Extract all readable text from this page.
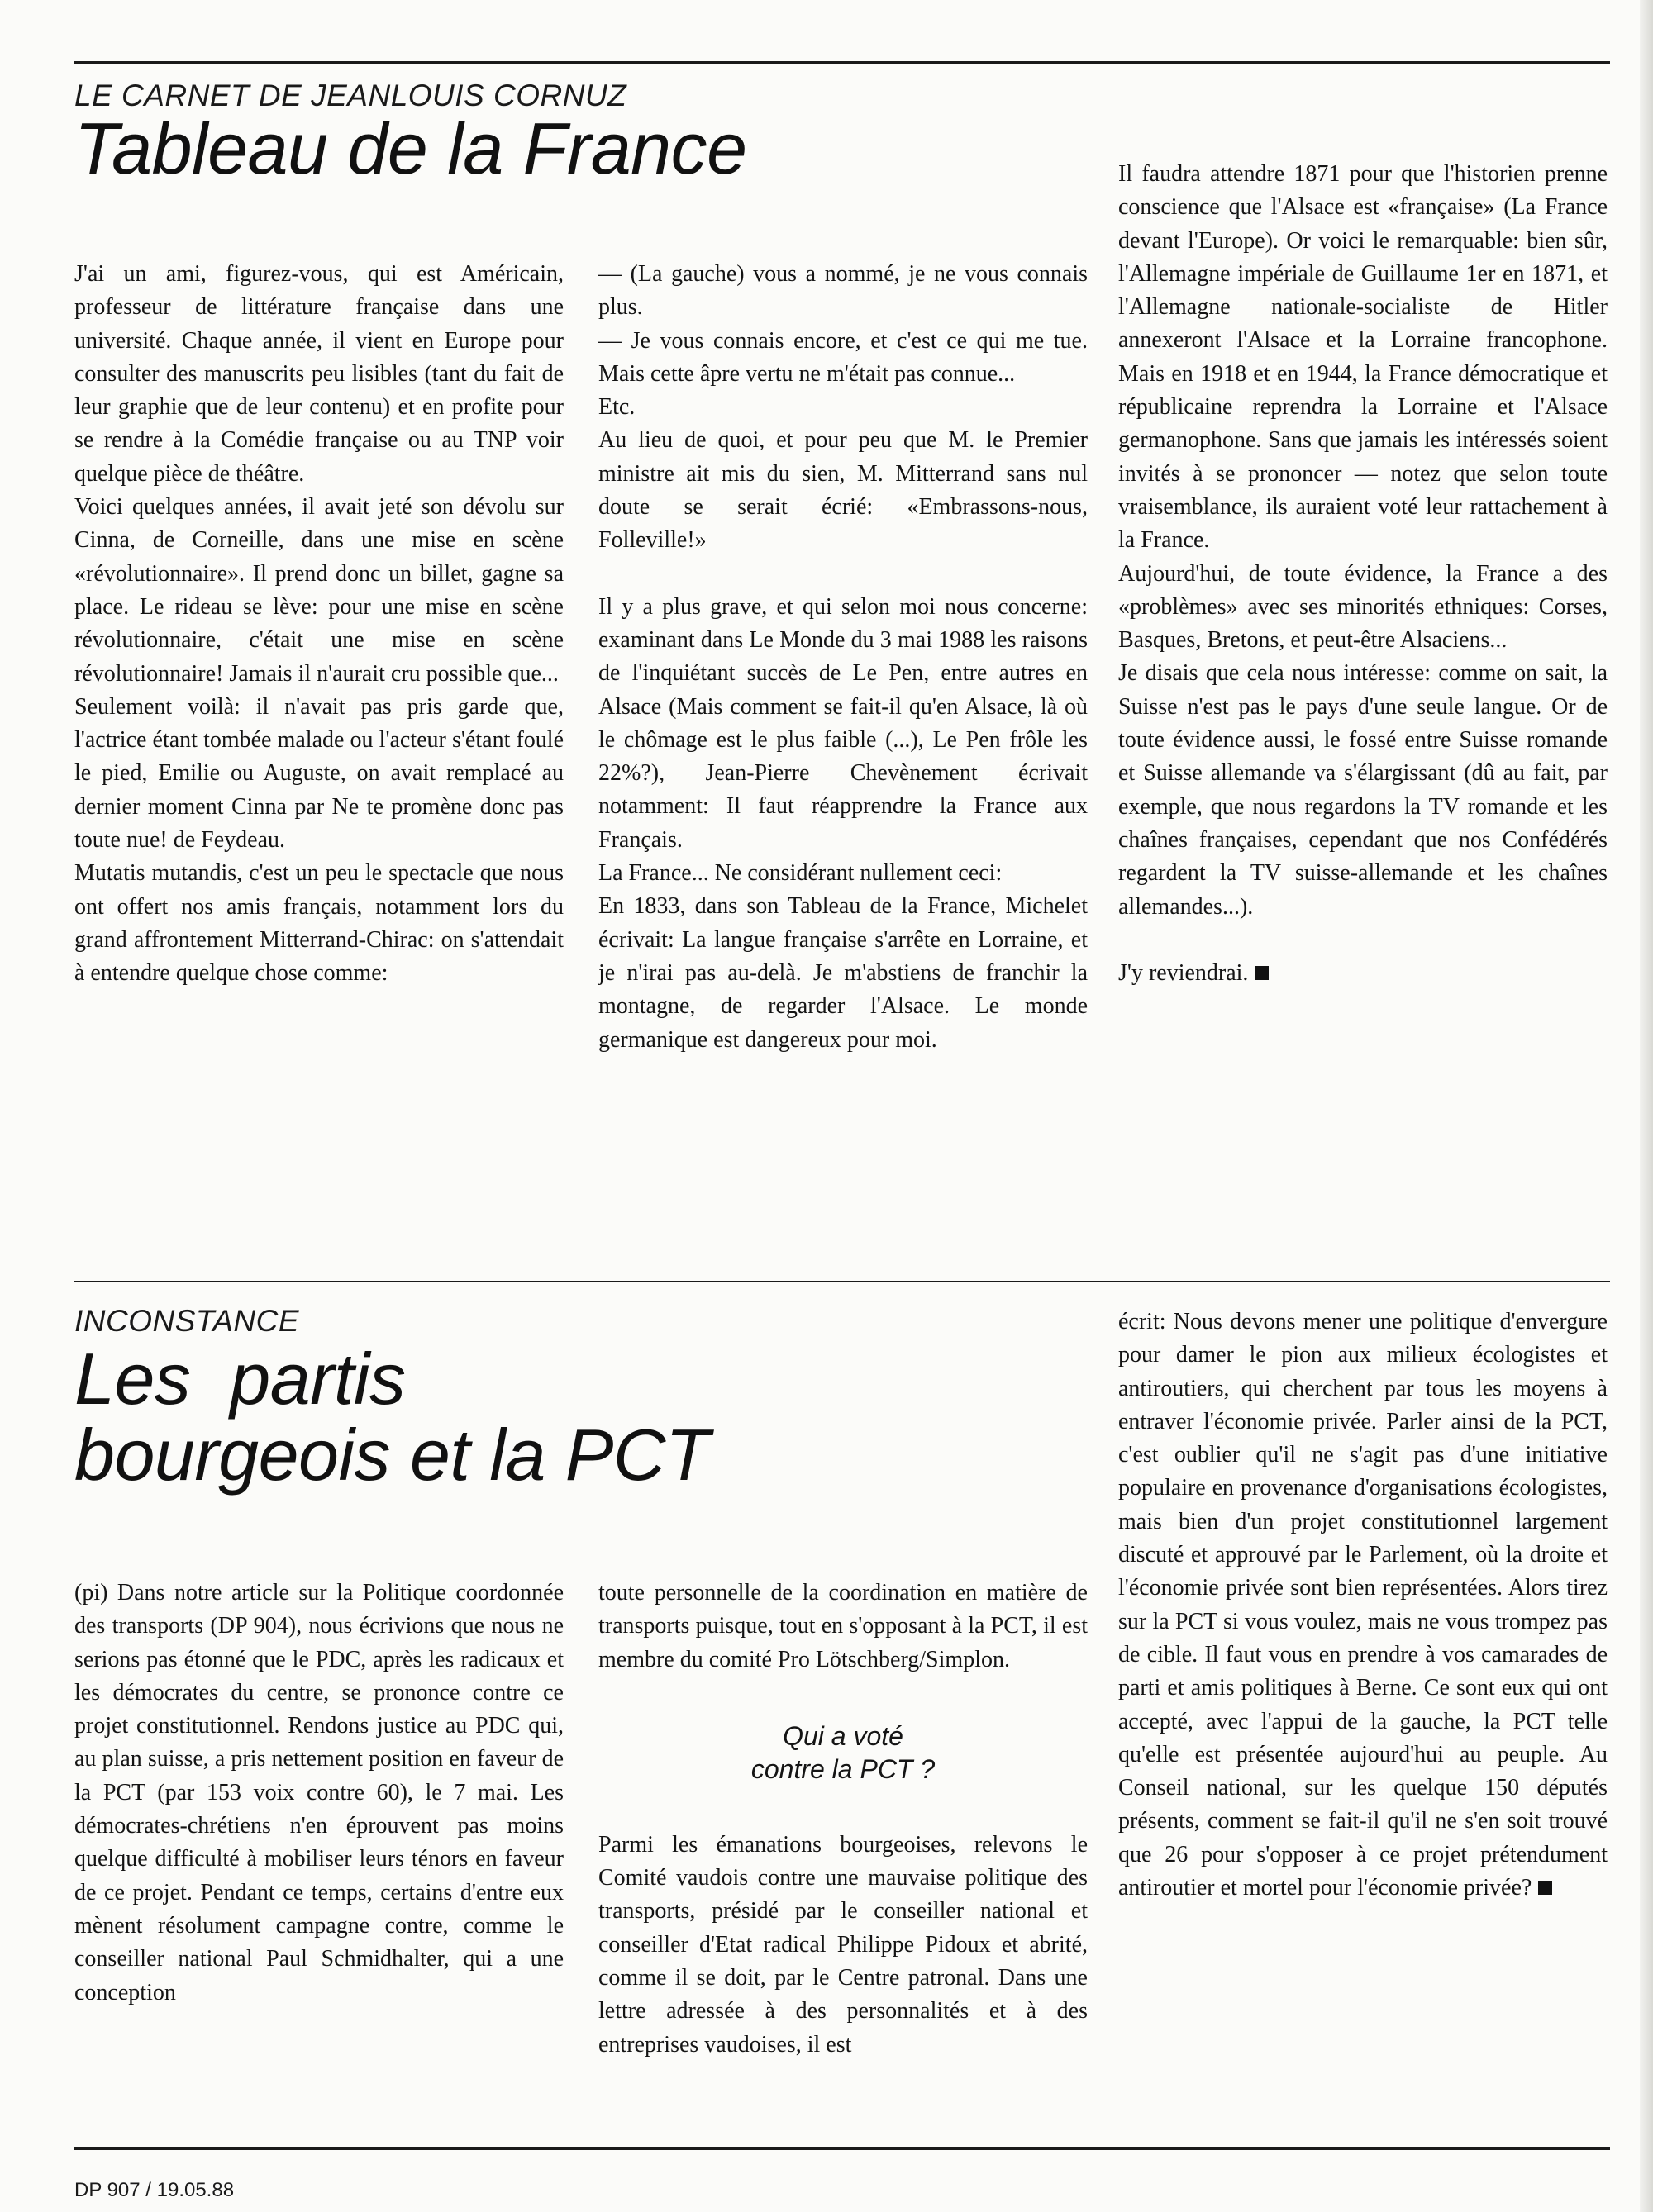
LE CARNET DE JEANLOUIS CORNUZ
Tableau de la France

J'ai un ami, figurez-vous, qui est Américain, professeur de littérature française dans une université. Chaque année, il vient en Europe pour consulter des manuscrits peu lisibles (tant du fait de leur graphie que de leur contenu) et en profite pour se rendre à la Comédie française ou au TNP voir quelque pièce de théâtre.

Voici quelques années, il avait jeté son dévolu sur Cinna, de Corneille, dans une mise en scène «révolutionnaire». Il prend donc un billet, gagne sa place. Le rideau se lève: pour une mise en scène révolutionnaire, c'était une mise en scène révolutionnaire! Jamais il n'aurait cru possible que...

Seulement voilà: il n'avait pas pris garde que, l'actrice étant tombée malade ou l'acteur s'étant foulé le pied, Emilie ou Auguste, on avait remplacé au dernier moment Cinna par Ne te promène donc pas toute nue! de Feydeau.

Mutatis mutandis, c'est un peu le spectacle que nous ont offert nos amis français, notamment lors du grand affrontement Mitterrand-Chirac: on s'attendait à entendre quelque chose comme:

— (La gauche) vous a nommé, je ne vous connais plus.

— Je vous connais encore, et c'est ce qui me tue. Mais cette âpre vertu ne m'était pas connue...

Etc.

Au lieu de quoi, et pour peu que M. le Premier ministre ait mis du sien, M. Mitterrand sans nul doute se serait écrié: «Embrassons-nous, Folleville!»

Il y a plus grave, et qui selon moi nous concerne: examinant dans Le Monde du 3 mai 1988 les raisons de l'inquiétant succès de Le Pen, entre autres en Alsace (Mais comment se fait-il qu'en Alsace, là où le chômage est le plus faible (...), Le Pen frôle les 22%?), Jean-Pierre Chevènement écrivait notamment: Il faut réapprendre la France aux Français.

La France... Ne considérant nullement ceci:

En 1833, dans son Tableau de la France, Michelet écrivait: La langue française s'arrête en Lorraine, et je n'irai pas au-delà. Je m'abstiens de franchir la montagne, de regarder l'Alsace. Le monde germanique est dangereux pour moi.

Il faudra attendre 1871 pour que l'historien prenne conscience que l'Alsace est «française» (La France devant l'Europe). Or voici le remarquable: bien sûr, l'Allemagne impériale de Guillaume 1er en 1871, et l'Allemagne nationale-socialiste de Hitler annexeront l'Alsace et la Lorraine francophone. Mais en 1918 et en 1944, la France démocratique et républicaine reprendra la Lorraine et l'Alsace germanophone. Sans que jamais les intéressés soient invités à se prononcer — notez que selon toute vraisemblance, ils auraient voté leur rattachement à la France.

Aujourd'hui, de toute évidence, la France a des «problèmes» avec ses minorités ethniques: Corses, Basques, Bretons, et peut-être Alsaciens...

Je disais que cela nous intéresse: comme on sait, la Suisse n'est pas le pays d'une seule langue. Or de toute évidence aussi, le fossé entre Suisse romande et Suisse allemande va s'élargissant (dû au fait, par exemple, que nous regardons la TV romande et les chaînes françaises, cependant que nos Confédérés regardent la TV suisse-allemande et les chaînes allemandes...).

J'y reviendrai.

INCONSTANCE
Les  partis
bourgeois et la PCT

(pi) Dans notre article sur la Politique coordonnée des transports (DP 904), nous écrivions que nous ne serions pas étonné que le PDC, après les radicaux et les démocrates du centre, se prononce contre ce projet constitutionnel. Rendons justice au PDC qui, au plan suisse, a pris nettement position en faveur de la PCT (par 153 voix contre 60), le 7 mai. Les démocrates-chrétiens n'en éprouvent pas moins quelque difficulté à mobiliser leurs ténors en faveur de ce projet. Pendant ce temps, certains d'entre eux mènent résolument campagne contre, comme le conseiller national Paul Schmidhalter, qui a une conception

toute personnelle de la coordination en matière de transports puisque, tout en s'opposant à la PCT, il est membre du comité Pro Lötschberg/Simplon.

Qui a voté
contre la PCT ?

Parmi les émanations bourgeoises, relevons le Comité vaudois contre une mauvaise politique des transports, présidé par le conseiller national et conseiller d'Etat radical Philippe Pidoux et abrité, comme il se doit, par le Centre patronal. Dans une lettre adressée à des personnalités et à des entreprises vaudoises, il est

écrit: Nous devons mener une politique d'envergure pour damer le pion aux milieux écologistes et antiroutiers, qui cherchent par tous les moyens à entraver l'économie privée. Parler ainsi de la PCT, c'est oublier qu'il ne s'agit pas d'une initiative populaire en provenance d'organisations écologistes, mais bien d'un projet constitutionnel largement discuté et approuvé par le Parlement, où la droite et l'économie privée sont bien représentées. Alors tirez sur la PCT si vous voulez, mais ne vous trompez pas de cible. Il faut vous en prendre à vos camarades de parti et amis politiques à Berne. Ce sont eux qui ont accepté, avec l'appui de la gauche, la PCT telle qu'elle est présentée aujourd'hui au peuple. Au Conseil national, sur les quelque 150 députés présents, comment se fait-il qu'il ne s'en soit trouvé que 26 pour s'opposer à ce projet prétendument antiroutier et mortel pour l'économie privée?

DP 907 / 19.05.88
